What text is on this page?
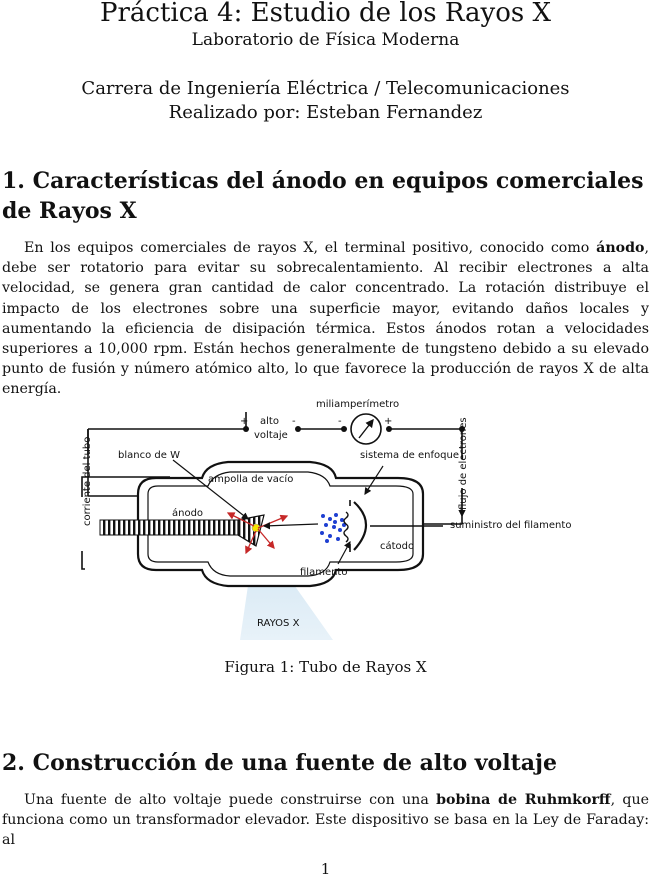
Práctica 4: Estudio de los Rayos X
Laboratorio de Física Moderna
Carrera de Ingeniería Eléctrica / Telecomunicaciones
Realizado por: Esteban Fernandez
1. Características del ánodo en equipos comerciales de Rayos X
En los equipos comerciales de rayos X, el terminal positivo, conocido como ánodo, debe ser rotatorio para evitar su sobrecalentamiento. Al recibir electrones a alta velocidad, se genera gran cantidad de calor concentrado. La rotación distribuye el impacto de los electrones sobre una superficie mayor, evitando daños locales y aumentando la eficiencia de disipación térmica. Estos ánodos rotan a velocidades superiores a 10,000 rpm. Están hechos generalmente de tungsteno debido a su elevado punto de fusión y número atómico alto, lo que favorece la producción de rayos X de alta energía.
miliamperímetro
+ alto
voltaje
-	-	+
corriente del tubo	flujo de electrones
blanco de W	sistema de enfoque
ampolla de vacío
ánodo
suministro del filamento
cátodo
filamento
RAYOS X
Figura 1: Tubo de Rayos X
2. Construcción de una fuente de alto voltaje
Una fuente de alto voltaje puede construirse con una bobina de Ruhmkorff, que funciona como un transformador elevador. Este dispositivo se basa en la Ley de Faraday: al
1
